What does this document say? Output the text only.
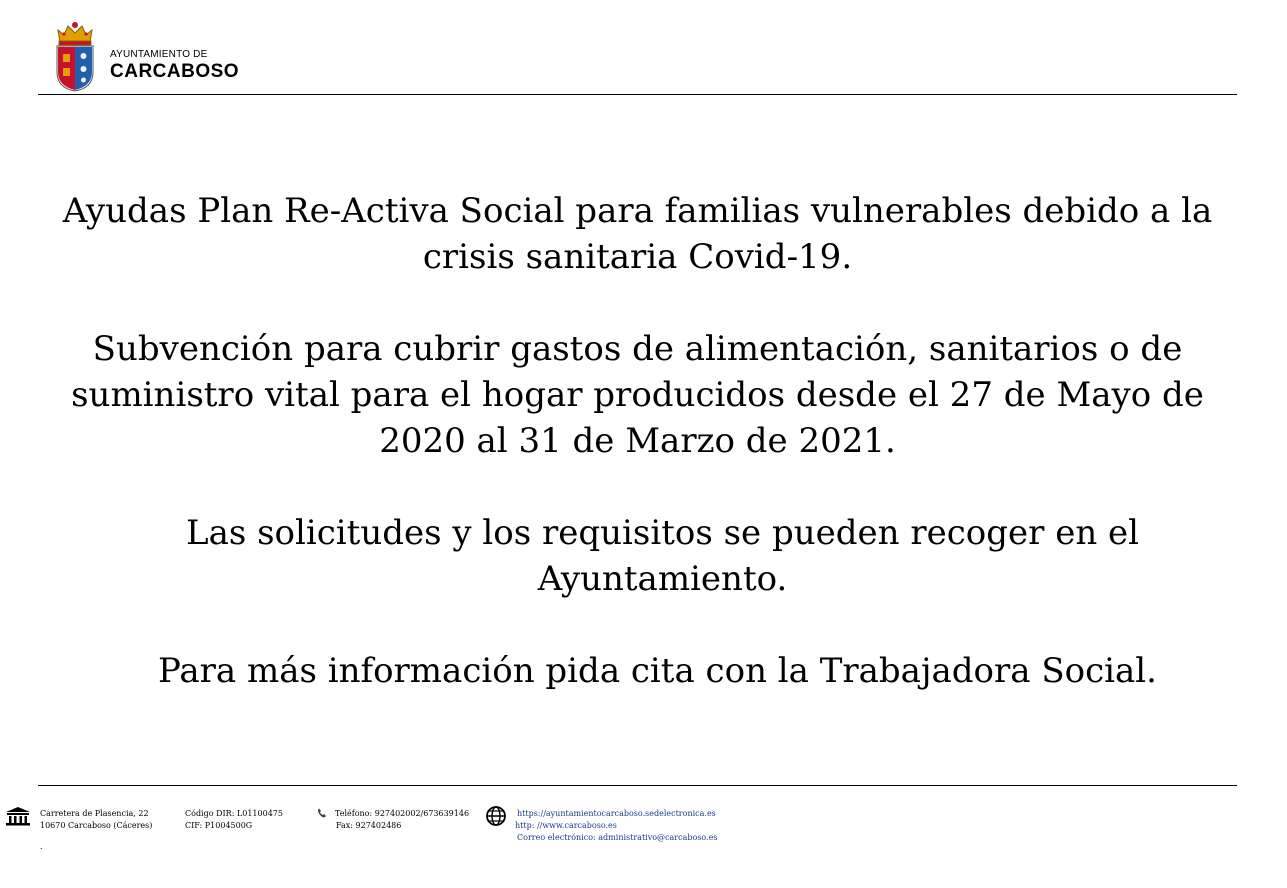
AYUNTAMIENTO DE
CARCABOSO

Ayudas Plan Re-Activa Social para familias vulnerables debido a la crisis sanitaria Covid-19.

Subvención para cubrir gastos de alimentación, sanitarios o de suministro vital para el hogar producidos desde el 27 de Mayo de 2020 al 31 de Marzo de 2021.

Las solicitudes y los requisitos se pueden recoger en el Ayuntamiento.

Para más información pida cita con la Trabajadora Social.

Carretera de Plasencia, 22
10670 Carcaboso (Cáceres)
Código DIR: L01100475
CIF: P1004500G
Teléfono: 927402002/673639146
Fax: 927402486
https://ayuntamientocarcaboso.sedelectronica.es
http: //www.carcaboso.es
Correo electrónico: administrativo@carcaboso.es
.
